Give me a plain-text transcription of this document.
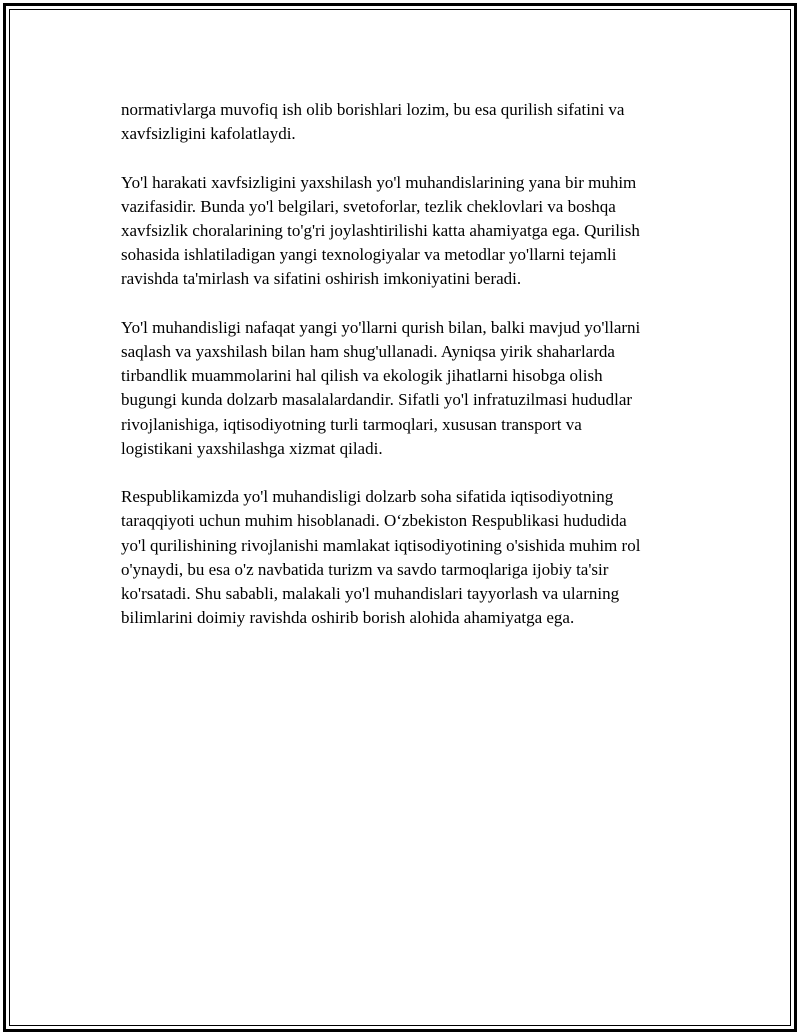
normativlarga muvofiq ish olib borishlari lozim, bu esa qurilish sifatini va
xavfsizligini kafolatlaydi.

Yo'l harakati xavfsizligini yaxshilash yo'l muhandislarining yana bir muhim
vazifasidir. Bunda yo'l belgilari, svetoforlar, tezlik cheklovlari va boshqa
xavfsizlik choralarining to'g'ri joylashtirilishi katta ahamiyatga ega. Qurilish
sohasida ishlatiladigan yangi texnologiyalar va metodlar yo'llarni tejamli
ravishda ta'mirlash va sifatini oshirish imkoniyatini beradi.

Yo'l muhandisligi nafaqat yangi yo'llarni qurish bilan, balki mavjud yo'llarni
saqlash va yaxshilash bilan ham shug'ullanadi. Ayniqsa yirik shaharlarda
tirbandlik muammolarini hal qilish va ekologik jihatlarni hisobga olish
bugungi kunda dolzarb masalalardandir. Sifatli yo'l infratuzilmasi hududlar
rivojlanishiga, iqtisodiyotning turli tarmoqlari, xususan transport va
logistikani yaxshilashga xizmat qiladi.

Respublikamizda yo'l muhandisligi dolzarb soha sifatida iqtisodiyotning
taraqqiyoti uchun muhim hisoblanadi. O‘zbekiston Respublikasi hududida
yo'l qurilishining rivojlanishi mamlakat iqtisodiyotining o'sishida muhim rol
o'ynaydi, bu esa o'z navbatida turizm va savdo tarmoqlariga ijobiy ta'sir
ko'rsatadi. Shu sababli, malakali yo'l muhandislari tayyorlash va ularning
bilimlarini doimiy ravishda oshirib borish alohida ahamiyatga ega.
